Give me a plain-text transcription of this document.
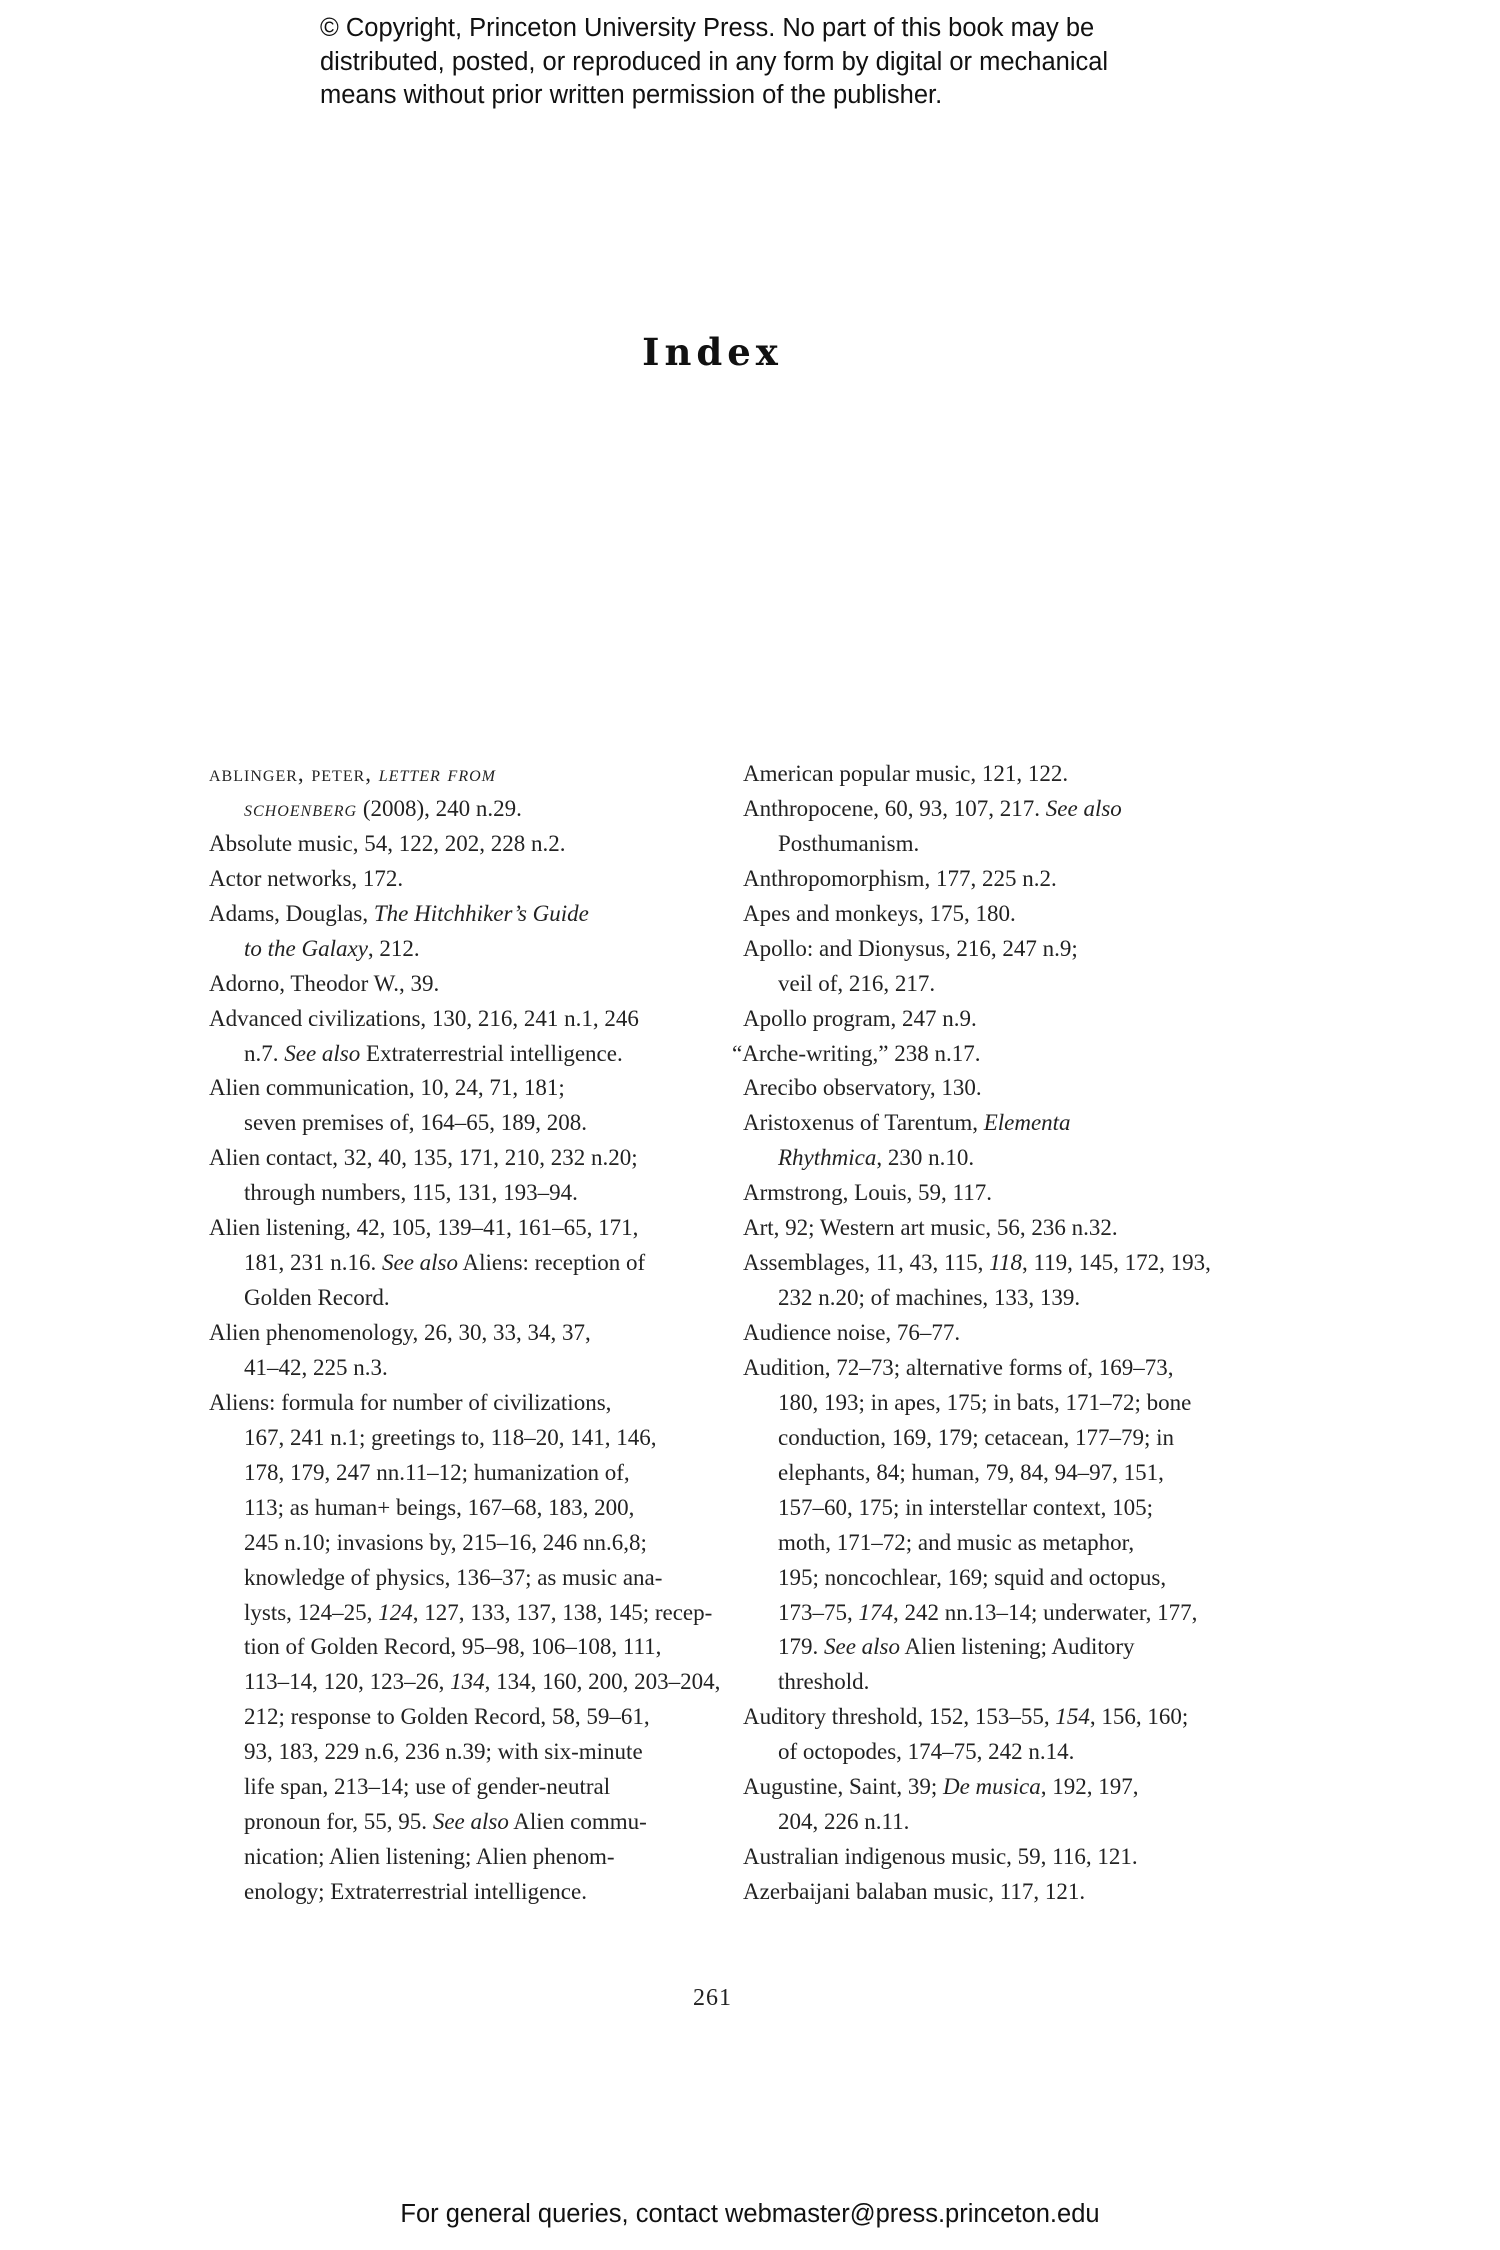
© Copyright, Princeton University Press. No part of this book may be
distributed, posted, or reproduced in any form by digital or mechanical
means without prior written permission of the publisher.
Index
ablinger, peter, letter from
schoenberg (2008), 240 n.29.
Absolute music, 54, 122, 202, 228 n.2.
Actor networks, 172.
Adams, Douglas, The Hitchhiker’s Guide
to the Galaxy, 212.
Adorno, Theodor W., 39.
Advanced civilizations, 130, 216, 241 n.1, 246
n.7. See also Extraterrestrial intelligence.
Alien communication, 10, 24, 71, 181;
seven premises of, 164–65, 189, 208.
Alien contact, 32, 40, 135, 171, 210, 232 n.20;
through numbers, 115, 131, 193–94.
Alien listening, 42, 105, 139–41, 161–65, 171,
181, 231 n.16. See also Aliens: reception of
Golden Record.
Alien phenomenology, 26, 30, 33, 34, 37,
41–42, 225 n.3.
Aliens: formula for number of civilizations,
167, 241 n.1; greetings to, 118–20, 141, 146,
178, 179, 247 nn.11–12; humanization of,
113; as human+ beings, 167–68, 183, 200,
245 n.10; invasions by, 215–16, 246 nn.6,8;
knowledge of physics, 136–37; as music ana-
lysts, 124–25, 124, 127, 133, 137, 138, 145; recep-
tion of Golden Record, 95–98, 106–108, 111,
113–14, 120, 123–26, 134, 134, 160, 200, 203–204,
212; response to Golden Record, 58, 59–61,
93, 183, 229 n.6, 236 n.39; with six-minute
life span, 213–14; use of gender-neutral
pronoun for, 55, 95. See also Alien commu-
nication; Alien listening; Alien phenom-
enology; Extraterrestrial intelligence.
American popular music, 121, 122.
Anthropocene, 60, 93, 107, 217. See also
Posthumanism.
Anthropomorphism, 177, 225 n.2.
Apes and monkeys, 175, 180.
Apollo: and Dionysus, 216, 247 n.9;
veil of, 216, 217.
Apollo program, 247 n.9.
“Arche-writing,” 238 n.17.
Arecibo observatory, 130.
Aristoxenus of Tarentum, Elementa
Rhythmica, 230 n.10.
Armstrong, Louis, 59, 117.
Art, 92; Western art music, 56, 236 n.32.
Assemblages, 11, 43, 115, 118, 119, 145, 172, 193,
232 n.20; of machines, 133, 139.
Audience noise, 76–77.
Audition, 72–73; alternative forms of, 169–73,
180, 193; in apes, 175; in bats, 171–72; bone
conduction, 169, 179; cetacean, 177–79; in
elephants, 84; human, 79, 84, 94–97, 151,
157–60, 175; in interstellar context, 105;
moth, 171–72; and music as metaphor,
195; noncochlear, 169; squid and octopus,
173–75, 174, 242 nn.13–14; underwater, 177,
179. See also Alien listening; Auditory
threshold.
Auditory threshold, 152, 153–55, 154, 156, 160;
of octopodes, 174–75, 242 n.14.
Augustine, Saint, 39; De musica, 192, 197,
204, 226 n.11.
Australian indigenous music, 59, 116, 121.
Azerbaijani balaban music, 117, 121.
261
For general queries, contact webmaster@press.princeton.edu
